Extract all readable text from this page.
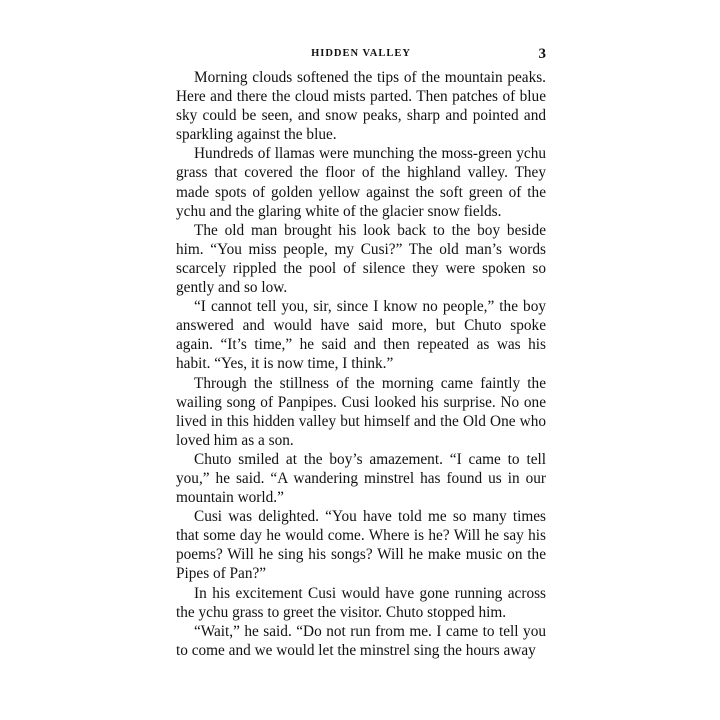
HIDDEN VALLEY	3

Morning clouds softened the tips of the mountain peaks. Here and there the cloud mists parted. Then patches of blue sky could be seen, and snow peaks, sharp and pointed and sparkling against the blue.

Hundreds of llamas were munching the moss-green ychu grass that covered the floor of the highland valley. They made spots of golden yellow against the soft green of the ychu and the glaring white of the glacier snow fields.

The old man brought his look back to the boy beside him. “You miss people, my Cusi?” The old man’s words scarcely rippled the pool of silence they were spoken so gently and so low.

“I cannot tell you, sir, since I know no people,” the boy answered and would have said more, but Chuto spoke again. “It’s time,” he said and then repeated as was his habit. “Yes, it is now time, I think.”

Through the stillness of the morning came faintly the wailing song of Panpipes. Cusi looked his surprise. No one lived in this hidden valley but himself and the Old One who loved him as a son.

Chuto smiled at the boy’s amazement. “I came to tell you,” he said. “A wandering minstrel has found us in our mountain world.”

Cusi was delighted. “You have told me so many times that some day he would come. Where is he? Will he say his poems? Will he sing his songs? Will he make music on the Pipes of Pan?”

In his excitement Cusi would have gone running across the ychu grass to greet the visitor. Chuto stopped him.

“Wait,” he said. “Do not run from me. I came to tell you to come and we would let the minstrel sing the hours away
